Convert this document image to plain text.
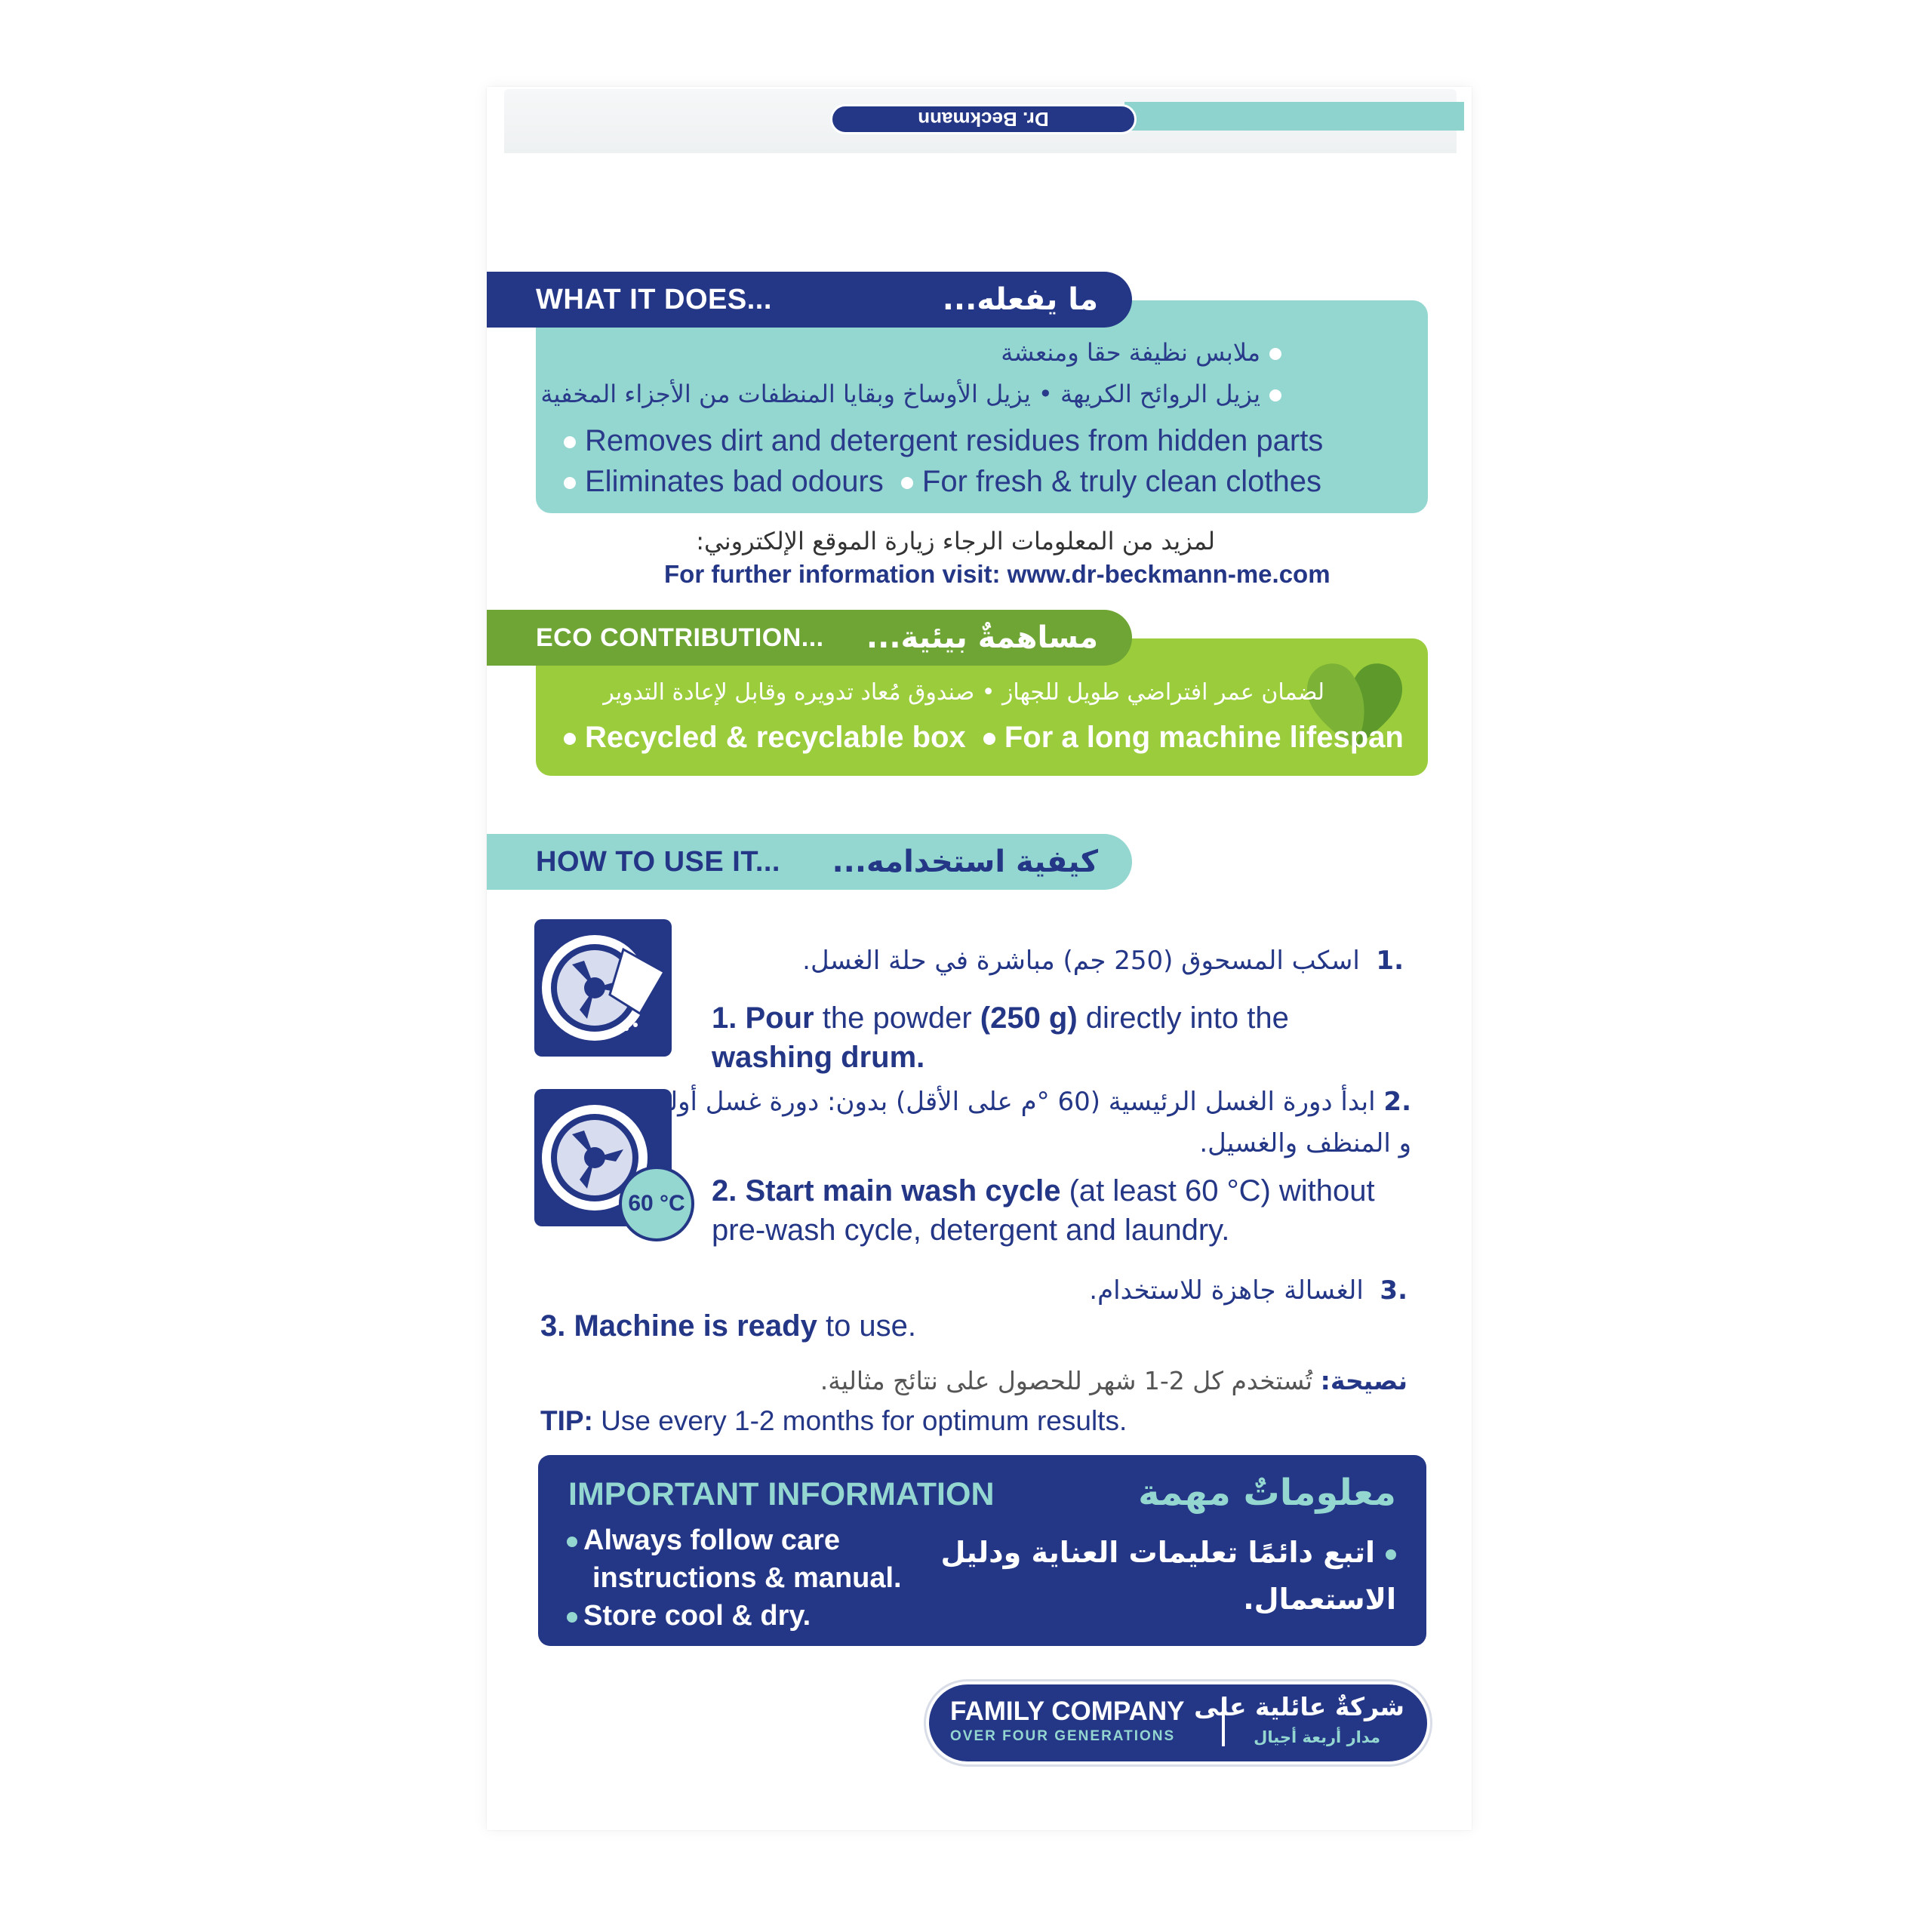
Dr. Beckmann
WHAT IT DOES...	ما يفعله...
ملابس نظيفة حقا ومنعشة
يزيل الروائح الكريهة • يزيل الأوساخ وبقايا المنظفات من الأجزاء المخفية
Removes dirt and detergent residues from hidden parts
Eliminates bad odours For fresh & truly clean clothes
لمزيد من المعلومات الرجاء زيارة الموقع الإلكتروني:
For further information visit: www.dr-beckmann-me.com
ECO CONTRIBUTION... مساهمةٌ بيئية...
لضمان عمر افتراضي طويل للجهاز • صندوق مُعاد تدويره وقابل لإعادة التدوير
Recycled & recyclable box For a long machine lifespan
HOW TO USE IT... كيفية استخدامه...
.1  اسكب المسحوق (250 جم) مباشرة في حلة الغسل.
1. Pour the powder (250 g) directly into the
washing drum.
60 °C
.2 ابدأ دورة الغسل الرئيسية (60 °م على الأقل) بدون: دورة غسل أولي
و المنظف والغسيل.
2. Start main wash cycle (at least 60 °C) without
pre-wash cycle, detergent and laundry.
.3  الغسالة جاهزة للاستخدام.
3. Machine is ready to use.
نصيحة: تُستخدم كل 2-1 شهر للحصول على نتائج مثالية.
TIP: Use every 1-2 months for optimum results.
IMPORTANT INFORMATION	معلوماتٌ مهمة
Always follow care
instructions & manual.
Store cool & dry.
اتبع دائمًا تعليمات العناية ودليل
الاستعمال.
FAMILY COMPANY
OVER FOUR GENERATIONS
شركةٌ عائلية على
مدار أربعة أجيال
